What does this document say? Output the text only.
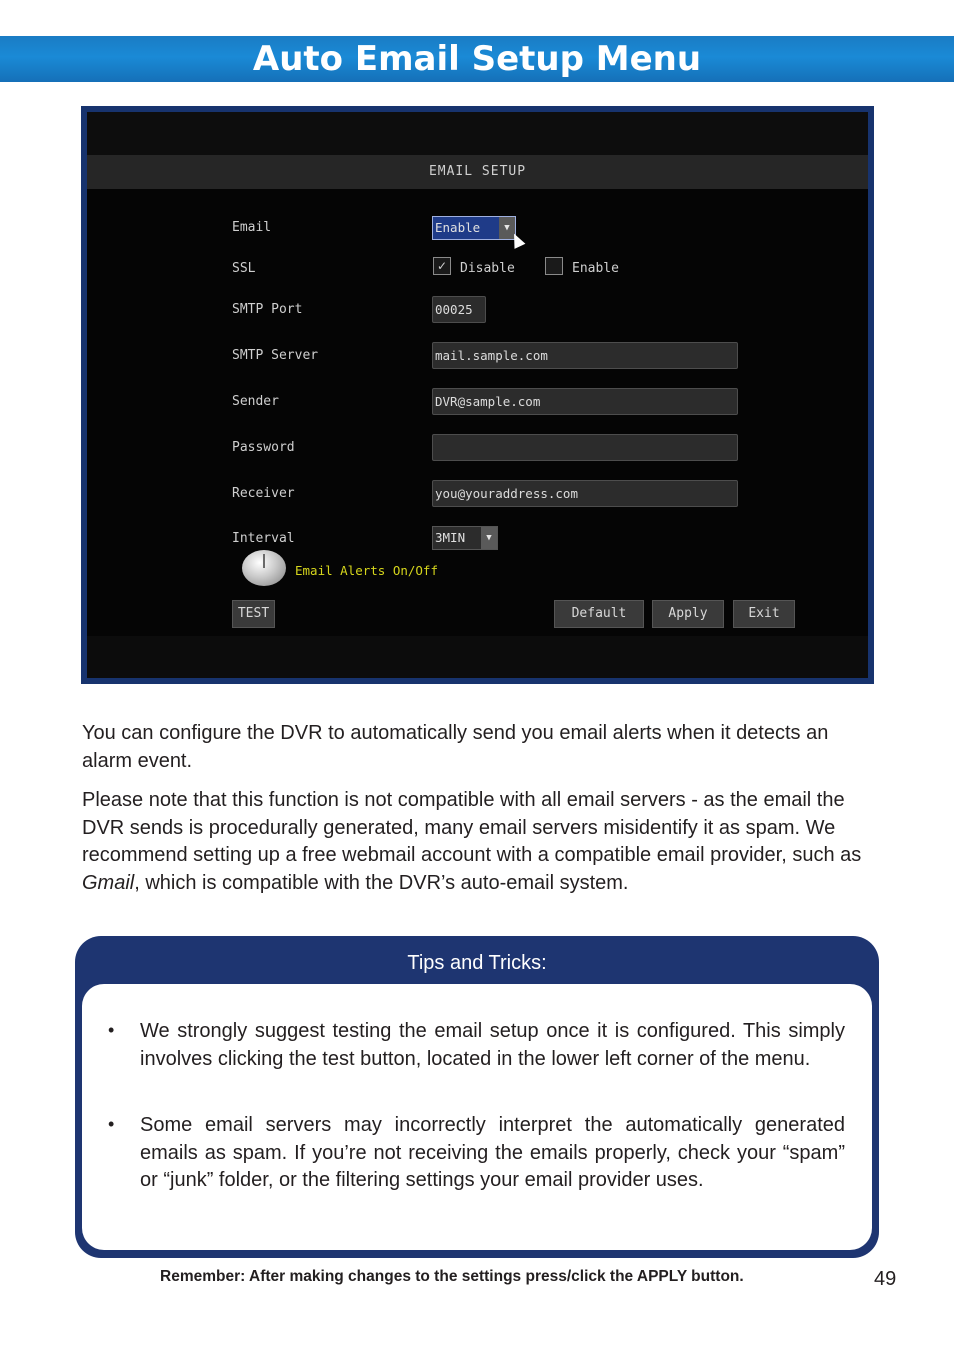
Auto Email Setup Menu
EMAIL SETUP
Email	Enable	▼
SSL	✓ Disable	Enable
SMTP Port	00025
SMTP Server	mail.sample.com
Sender	DVR@sample.com
Password
Receiver	you@youraddress.com
Interval	3MIN	▼
Email Alerts On/Off
TEST	Default	Apply	Exit

You can configure the DVR to automatically send you email alerts when it detects an alarm event.

Please note that this function is not compatible with all email servers - as the email the DVR sends is procedurally generated, many email servers misidentify it as spam. We recommend setting up a free webmail account with a compatible email provider, such as Gmail, which is compatible with the DVR’s auto-email system.

Tips and Tricks:
• We strongly suggest testing the email setup once it is configured. This simply involves clicking the test button, located in the lower left corner of the menu.

• Some email servers may incorrectly interpret the automatically generated emails as spam. If you’re not receiving the emails properly, check your “spam” or “junk” folder, or the filtering settings your email provider uses.

Remember: After making changes to the settings press/click the APPLY button.	49
